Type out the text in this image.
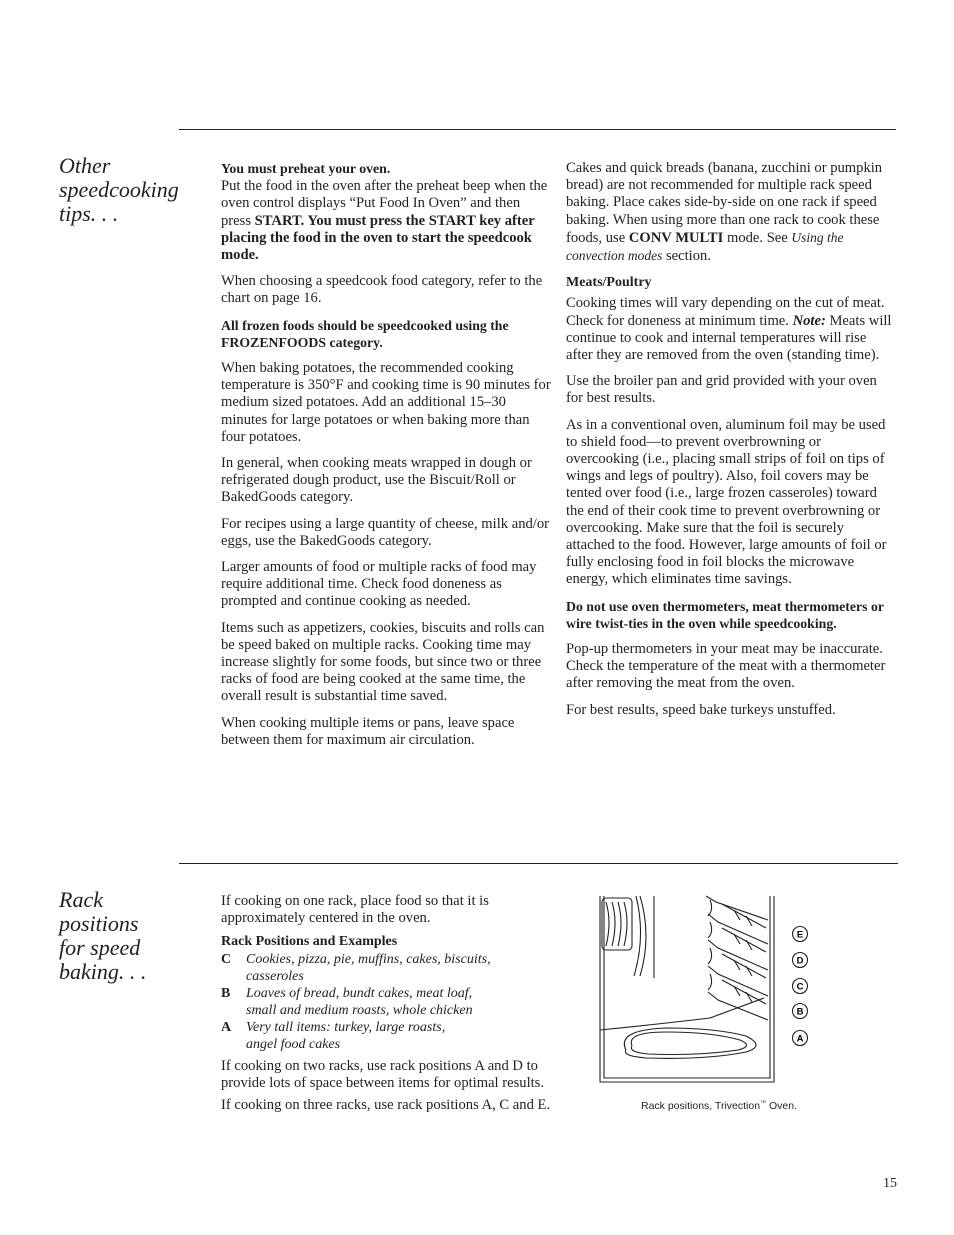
Other
speedcooking
tips. . .

You must preheat your oven.
Put the food in the oven after the preheat beep when the oven control displays “Put Food In Oven” and then press START. You must press the START key after placing the food in the oven to start the speedcook mode.

When choosing a speedcook food category, refer to the chart on page 16.

All frozen foods should be speedcooked using the FROZENFOODS category.

When baking potatoes, the recommended cooking temperature is 350°F and cooking time is 90 minutes for medium sized potatoes. Add an additional 15–30 minutes for large potatoes or when baking more than four potatoes.

In general, when cooking meats wrapped in dough or refrigerated dough product, use the Biscuit/Roll or BakedGoods category.

For recipes using a large quantity of cheese, milk and/or eggs, use the BakedGoods category.

Larger amounts of food or multiple racks of food may require additional time. Check food doneness as prompted and continue cooking as needed.

Items such as appetizers, cookies, biscuits and rolls can be speed baked on multiple racks. Cooking time may increase slightly for some foods, but since two or three racks of food are being cooked at the same time, the overall result is substantial time saved.

When cooking multiple items or pans, leave space between them for maximum air circulation.

Cakes and quick breads (banana, zucchini or pumpkin bread) are not recommended for multiple rack speed baking. Place cakes side-by-side on one rack if speed baking. When using more than one rack to cook these foods, use CONV MULTI mode. See Using the convection modes section.

Meats/Poultry

Cooking times will vary depending on the cut of meat. Check for doneness at minimum time. Note: Meats will continue to cook and internal temperatures will rise after they are removed from the oven (standing time).

Use the broiler pan and grid provided with your oven for best results.

As in a conventional oven, aluminum foil may be used to shield food—to prevent overbrowning or overcooking (i.e., placing small strips of foil on tips of wings and legs of poultry). Also, foil covers may be tented over food (i.e., large frozen casseroles) toward the end of their cook time to prevent overbrowning or overcooking. Make sure that the foil is securely attached to the food. However, large amounts of foil or fully enclosing food in foil blocks the microwave energy, which eliminates time savings.

Do not use oven thermometers, meat thermometers or wire twist-ties in the oven while speedcooking.

Pop-up thermometers in your meat may be inaccurate. Check the temperature of the meat with a thermometer after removing the meat from the oven.

For best results, speed bake turkeys unstuffed.

Rack
positions
for speed
baking. . .

If cooking on one rack, place food so that it is approximately centered in the oven.

Rack Positions and Examples

C	Cookies, pizza, pie, muffins, cakes, biscuits,
casseroles
B	Loaves of bread, bundt cakes, meat loaf,
small and medium roasts, whole chicken
A	Very tall items: turkey, large roasts,
angel food cakes

If cooking on two racks, use rack positions A and D to provide lots of space between items for optimal results.

If cooking on three racks, use rack positions A, C and E.

E
D
C
B
A
Rack positions, Trivection™ Oven.
15
